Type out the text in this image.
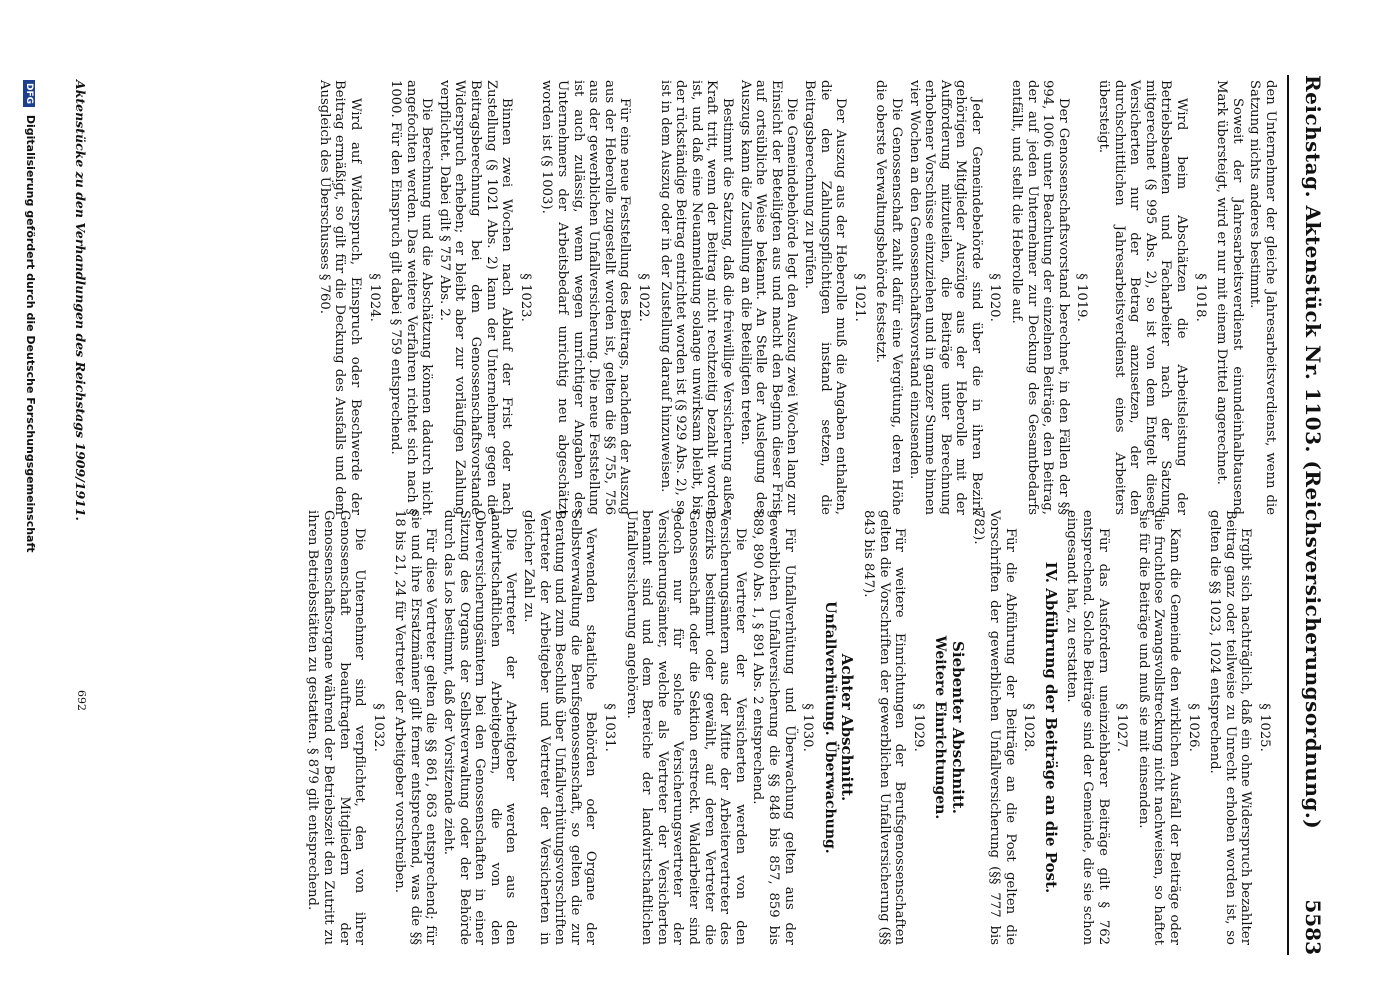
Reichstag. Aktenstück Nr. 1103. (Reichsversicherungsordnung.)
5583

den Unternehmer der gleiche Jahresarbeitsverdienst, wenn die Satzung nichts anderes bestimmt.

Soweit der Jahresarbeitsverdienst einundeinhalbtausend Mark übersteigt, wird er nur mit einem Drittel angerechnet.

§ 1018.

Wird beim Abschätzen die Arbeitsleistung der Betriebsbeamten und Facharbeiter nach der Satzung mitgerechnet (§ 995 Abs. 2), so ist von dem Entgelt dieser Versicherten nur der Betrag anzusetzen, der den durchschnittlichen Jahresarbeitsverdienst eines Arbeiters übersteigt.

§ 1019.

Der Genossenschaftsvorstand berechnet, in den Fällen der §§ 994, 1006 unter Beachtung der einzelnen Beiträge, den Beitrag, der auf jeden Unternehmer zur Deckung des Gesamtbedarfs entfällt, und stellt die Heberolle auf.

§ 1020.

Jeder Gemeindebehörde sind über die in ihren Bezirk gehörigen Mitglieder Auszüge aus der Heberolle mit der Aufforderung mitzuteilen, die Beiträge unter Berechnung erhobener Vorschüsse einzuziehen und in ganzer Summe binnen vier Wochen an den Genossenschaftsvorstand einzusenden.

Die Genossenschaft zahlt dafür eine Vergütung, deren Höhe die oberste Verwaltungsbehörde festsetzt.

§ 1021.

Der Auszug aus der Heberolle muß die Angaben enthalten, die den Zahlungspflichtigen instand setzen, die Beitragsberechnung zu prüfen.

Die Gemeindebehörde legt den Auszug zwei Wochen lang zur Einsicht der Beteiligten aus und macht den Beginn dieser Frist auf ortsübliche Weise bekannt. An Stelle der Auslegung des Auszugs kann die Zustellung an die Beteiligten treten.

Bestimmt die Satzung, daß die freiwillige Versicherung außer Kraft tritt, wenn der Beitrag nicht rechtzeitig bezahlt worden ist, und daß eine Neuanmeldung solange unwirksam bleibt, bis der rückständige Beitrag entrichtet worden ist (§ 929 Abs. 2), so ist in dem Auszug oder in der Zustellung darauf hinzuweisen.

§ 1022.

Für eine neue Feststellung des Beitrags, nachdem der Auszug aus der Heberolle zugestellt worden ist, gelten die §§ 755, 756 aus der gewerblichen Unfallversicherung. Die neue Feststellung ist auch zulässig, wenn wegen unrichtiger Angaben des Unternehmers der Arbeitsbedarf unrichtig neu abgeschätzt worden ist (§ 1003).

§ 1023.

Binnen zwei Wochen nach Ablauf der Frist oder nach Zustellung (§ 1021 Abs. 2) kann der Unternehmer gegen die Beitragsberechnung bei dem Genossenschaftsvorstande Widerspruch erheben; er bleibt aber zur vorläufigen Zahlung verpflichtet. Dabei gilt § 757 Abs. 2.

Die Berechnung und die Abschätzung können dadurch nicht angefochten werden. Das weitere Verfahren richtet sich nach § 1000. Für den Einspruch gilt dabei § 759 entsprechend.

§ 1024.

Wird auf Widerspruch, Einspruch oder Beschwerde der Beitrag ermäßigt, so gilt für die Deckung des Ausfalls und dem Ausgleich des Überschusses § 760.

§ 1025.

Ergibt sich nachträglich, daß ein ohne Widerspruch bezahlter Beitrag ganz oder teilweise zu Unrecht erhoben worden ist, so gelten die §§ 1023, 1024 entsprechend.

§ 1026.

Kann die Gemeinde den wirklichen Ausfall der Beiträge oder die fruchtlose Zwangsvollstreckung nicht nachweisen, so haftet sie für die Beiträge und muß sie mit einsenden.

§ 1027.

Für das Ausfordern uneinziehbarer Beiträge gilt § 762 entsprechend. Solche Beiträge sind der Gemeinde, die sie schon eingesandt hat, zu erstatten.

IV. Abführung der Beiträge an die Post.
§ 1028.

Für die Abführung der Beiträge an die Post gelten die Vorschriften der gewerblichen Unfallversicherung (§§ 777 bis 782).

Siebenter Abschnitt.
Weitere Einrichtungen.
§ 1029.

Für weitere Einrichtungen der Berufsgenossenschaften gelten die Vorschriften der gewerblichen Unfallversicherung (§§ 843 bis 847).

Achter Abschnitt.
Unfallverhütung. Überwachung.
§ 1030.

Für Unfallverhütung und Überwachung gelten aus der gewerblichen Unfallversicherung die §§ 848 bis 857, 859 bis 889, 890 Abs. 1, § 891 Abs. 2 entsprechend.

Die Vertreter der Versicherten werden von den Versicherungsämtern aus der Mitte der Arbeitervertreter des Bezirks bestimmt oder gewählt, auf deren Vertreter die Genossenschaft oder die Sektion erstreckt. Waldarbeiter sind jedoch nur für solche Versicherungsvertreter der Versicherungsämter, welche als Vertreter der Versicherten benannt sind und dem Bereiche der landwirtschaftlichen Unfallversicherung angehören.

§ 1031.

Verwenden staatliche Behörden oder Organe der Selbstverwaltung die Berufsgenossenschaft, so gelten die zur Beratung und zum Beschluß über Unfallverhütungsvorschriften Vertreter der Arbeitgeber und Vertreter der Versicherten in gleicher Zahl zu.

Die Vertreter der Arbeitgeber werden aus den landwirtschaftlichen Arbeitgebern, die von den Oberversicherungsämtern bei den Genossenschaften in einer Sitzung des Organs der Selbstverwaltung oder der Behörde durch das Los bestimmt, daß der Vorsitzende zieht.

Für diese Vertreter gelten die §§ 861, 863 entsprechend; für sie und ihre Ersatzmänner gilt ferner entsprechend, was die §§ 18 bis 21, 24 für Vertreter der Arbeitgeber vorschreiben.

§ 1032.

Die Unternehmer sind verpflichtet, den von ihrer Genossenschaft beauftragten Mitgliedern der Genossenschaftsorgane während der Betriebszeit den Zutritt zu ihren Betriebsstätten zu gestatten. § 879 gilt entsprechend.

Aktenstücke zu den Verhandlungen des Reichstags 1909/1911.
692
DFG Digitalisierung gefördert durch die Deutsche Forschungsgemeinschaft
